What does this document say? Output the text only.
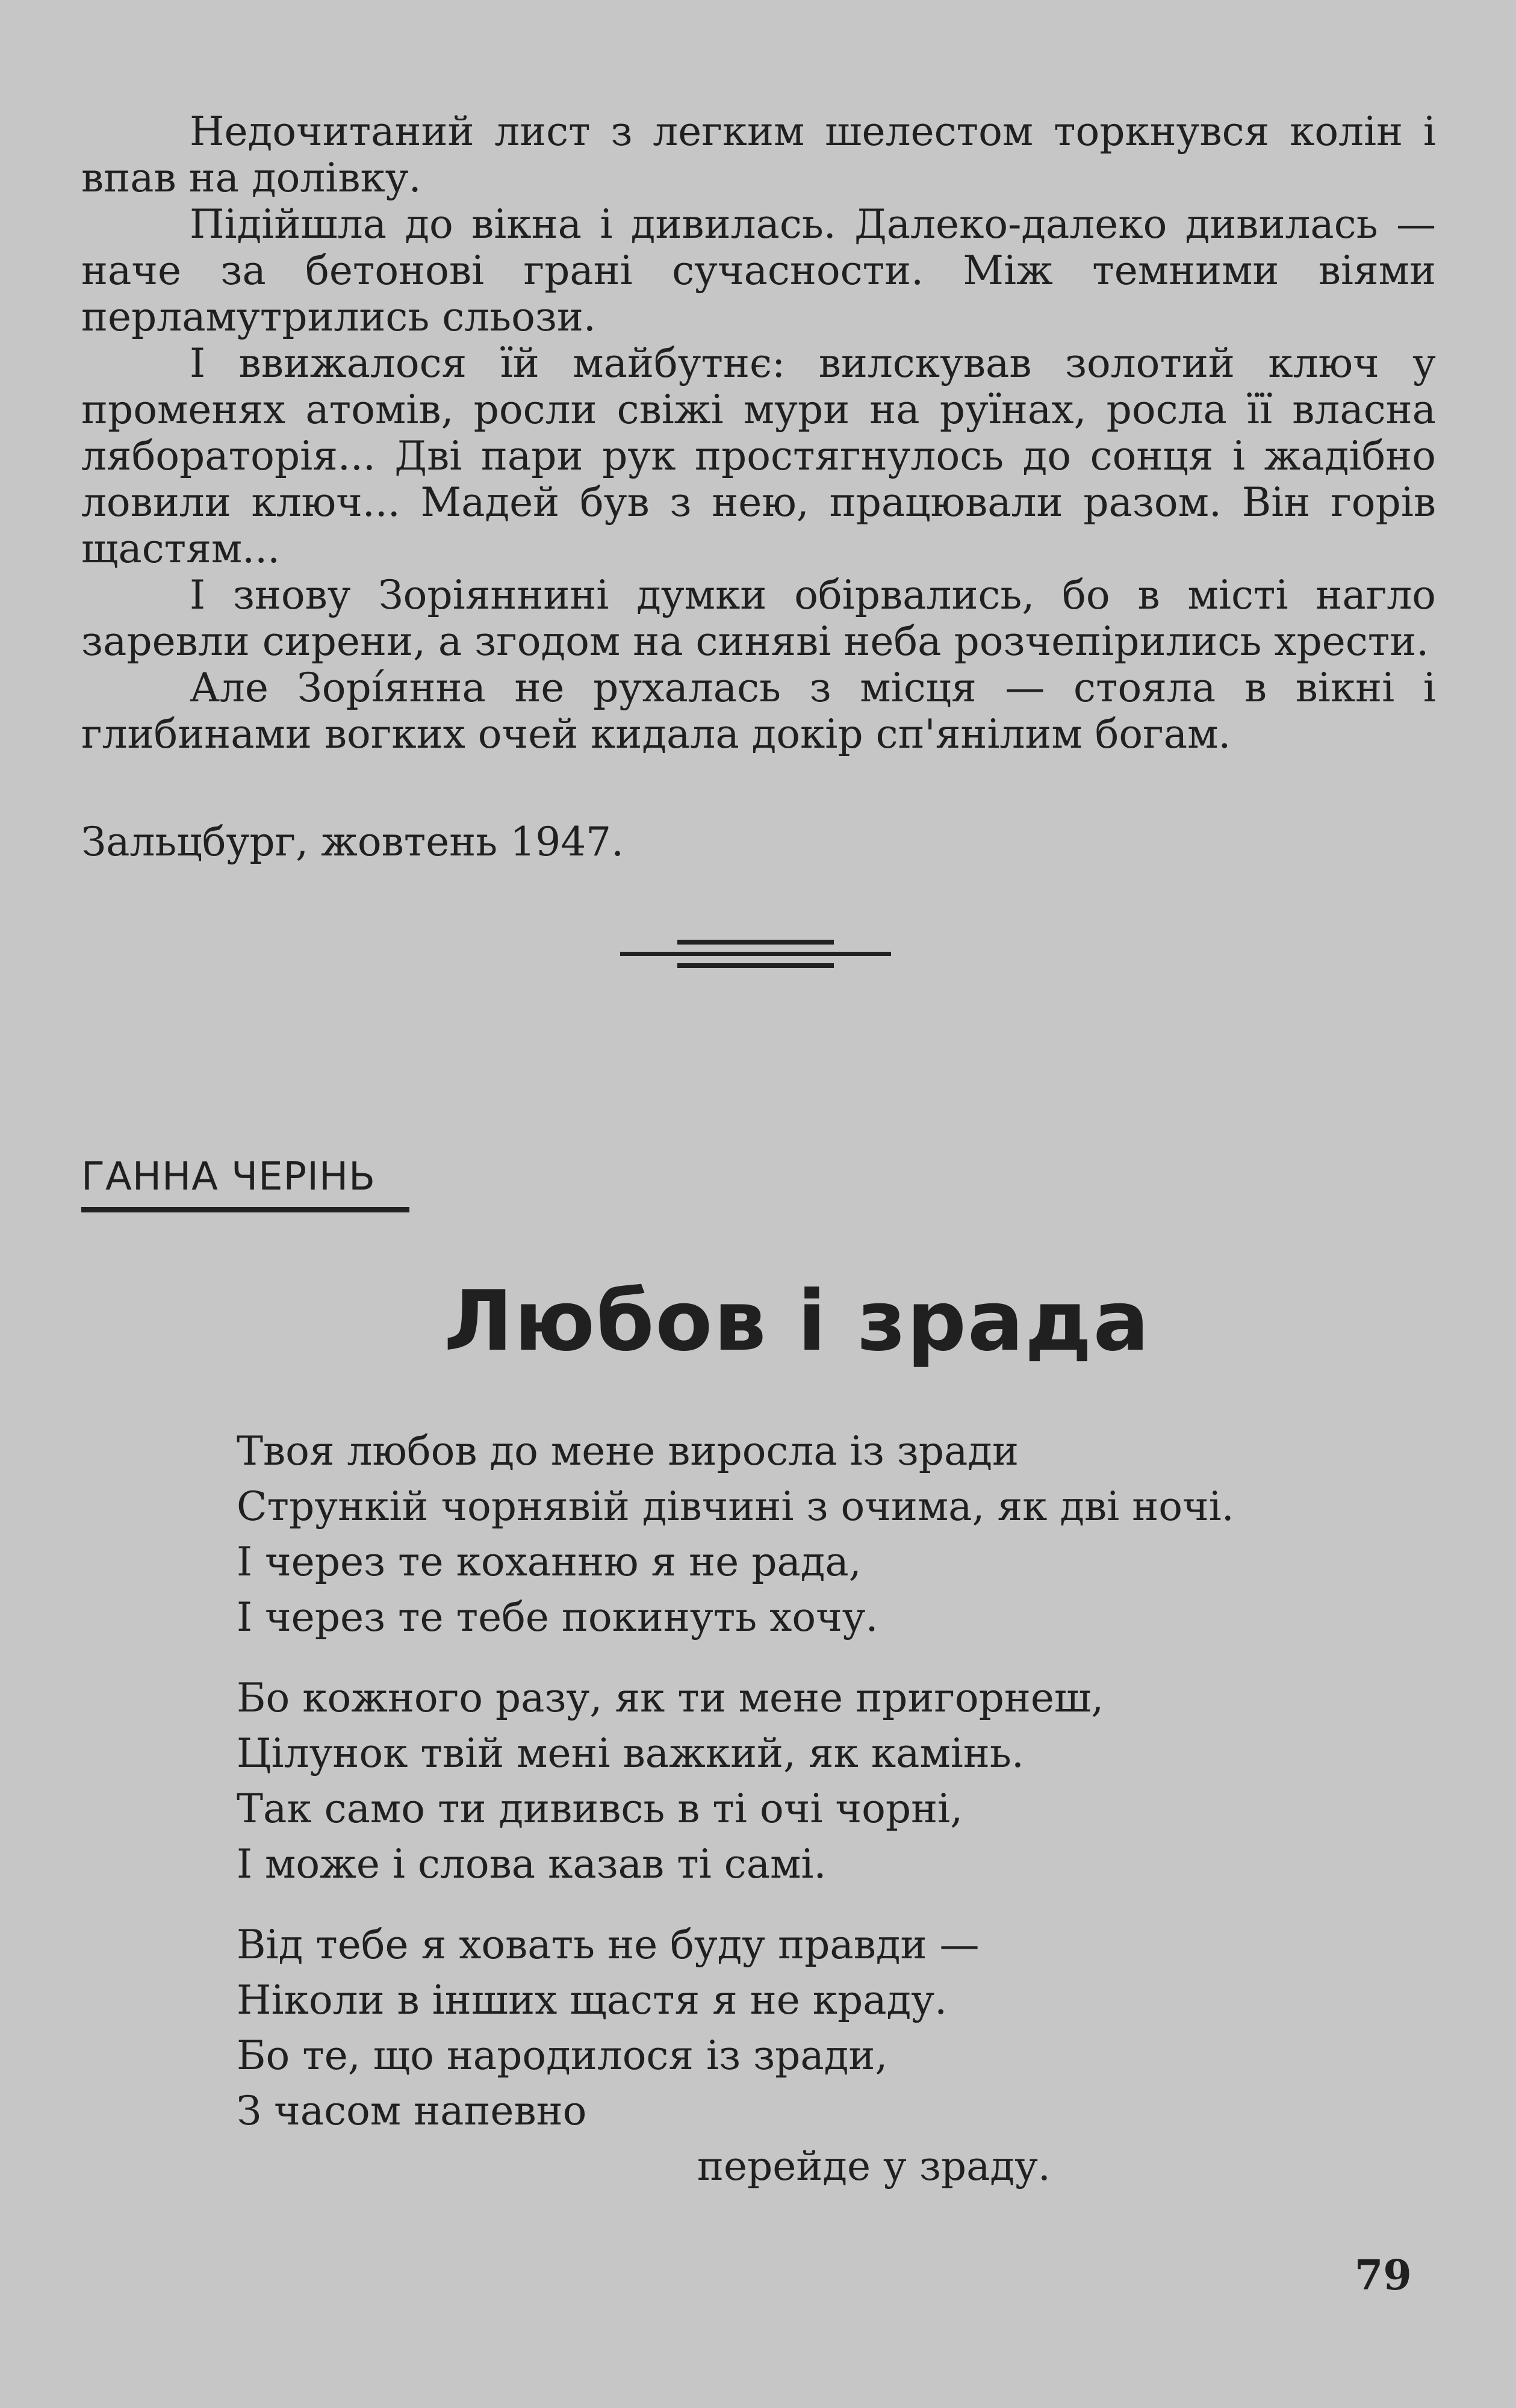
Недочитаний лист з легким шелестом торкнувся колін і впав на долівку.

Підійшла до вікна і дивилась. Далеко-далеко дивилась — наче за бетонові грані сучасности. Між темними віями перламутрились сльози.

І ввижалося їй майбутнє: вилскував золотий ключ у променях атомів, росли свіжі мури на руїнах, росла її власна ляборатopія... Дві пари рук простягнулось до сонця і жадібно ловили ключ... Мадей був з нею, працювали разом. Він горів щастям...

І знову Зоріяннині думки обірвались, бо в місті нагло заревли сирени, а згодом на синяві неба розчепірились хрести.

Але Зорíянна не рухалась з місця — стояла в вікні і глибинами вогких очей кидала докір сп'янілим богам.

Зальцбург, жовтень 1947.
ГАННА ЧЕРІНЬ
Любов і зрада
Твоя любов до мене виросла із зради
Стрункій чорнявій дівчині з очима, як дві ночі.
І через те коханню я не рада,
І через те тебе покинуть хочу.
Бо кожного разу, як ти мене пригорнеш,
Цілунок твій мені важкий, як камінь.
Так само ти дививсь в ті очі чорні,
І може і слова казав ті самі.
Від тебе я ховать не буду правди —
Ніколи в інших щастя я не краду.
Бо те, що народилося із зради,
З часом напевно
перейде у зраду.
79
